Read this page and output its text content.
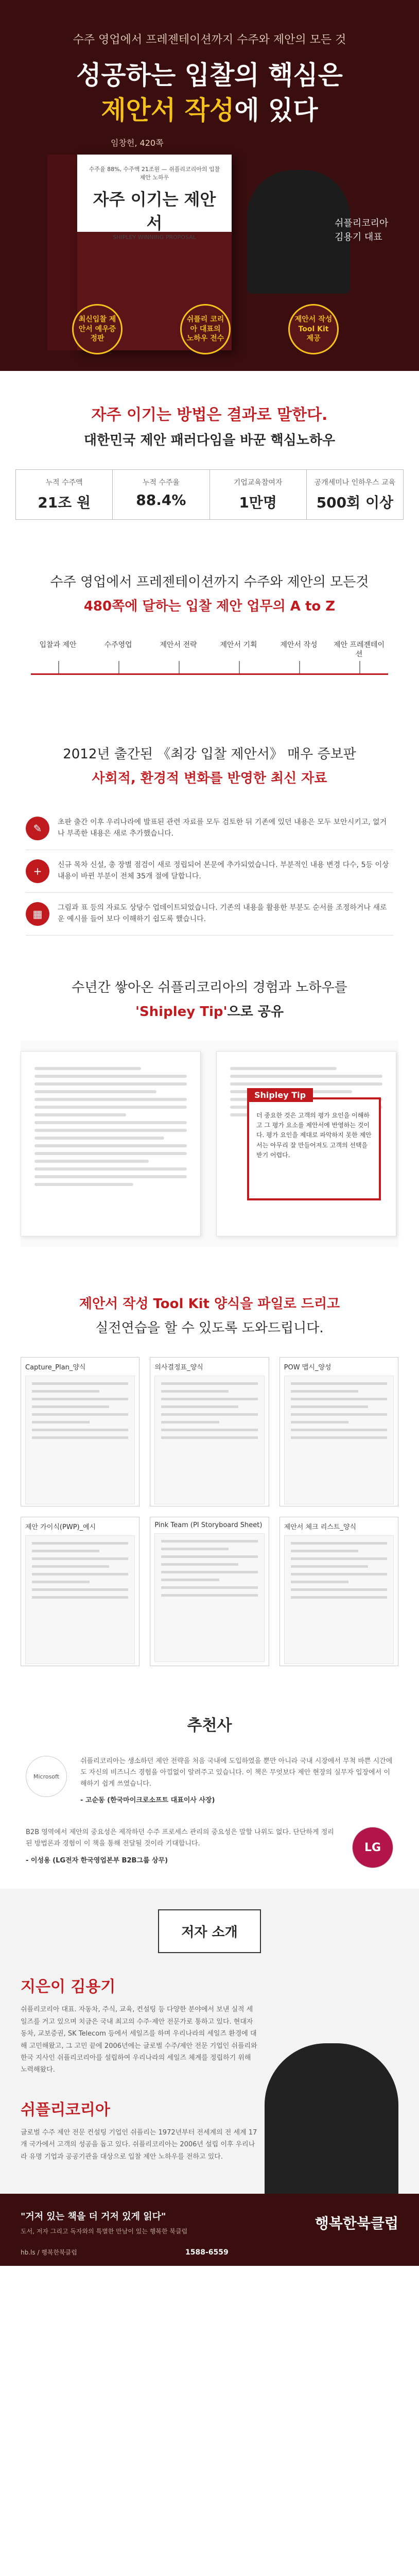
수주 영업에서 프레젠테이션까지 수주와 제안의 모든 것
성공하는 입찰의 핵심은
제안서 작성에 있다
임창헌, 420쪽
수주율 88%, 수주액 21조원 — 쉬플리코리아의 입찰 제안 노하우
자주 이기는 제안서
SHIPLEY WINNING PROPOSAL
쉬플리코리아
김용기 대표
최신입찰 제안서 예우증정판
쉬플리 코리아 대표의 노하우 전수
제안서 작성 Tool Kit 제공
자주 이기는 방법은 결과로 말한다.
대한민국 제안 패러다임을 바꾼 핵심노하우
누적 수주액
21조 원
누적 수주율
88.4%
기업교육참여자
1만명
공개세미나 인하우스 교육
500회 이상
수주 영업에서 프레젠테이션까지 수주와 제안의 모든것
480쪽에 달하는 입찰 제안 업무의 A to Z
입찰과 제안	수주영업	제안서 전략	제안서 기획	제안서 작성	제안 프레젠테이션
2012년 출간된 《최강 입찰 제안서》 매우 증보판
사회적, 환경적 변화를 반영한 최신 자료
✎	초판 출간 이후 우리나라에 발표된 관련 자료를 모두 검토한 뒤 기존에 있던 내용은 모두 보안시키고, 없거나 부족한 내용은 새로 추가했습니다.
+	신규 목차 신설, 총 장별 점검이 새로 정립되어 본문에 추가되었습니다. 부분적인 내용 변경 다수, 5등 이상 내용이 바뀐 부분이 전체 35개 절에 달합니다.
▦	그림과 표 등의 자료도 상당수 업데이트되었습니다. 기존의 내용을 활용한 부분도 순서를 조정하거나 새로운 예시를 들어 보다 이해하기 쉽도록 했습니다.
수년간 쌓아온 쉬플리코리아의 경험과 노하우를
'Shipley Tip'으로 공유
Shipley Tip
더 중요한 것은 고객의 평가 요인을 이해하고 그 평가 요소를 제안서에 반영하는 것이다. 평가 요인을 제대로 파악하지 못한 제안서는 아무리 잘 만들어져도 고객의 선택을 받기 어렵다.
제안서 작성 Tool Kit 양식을 파일로 드리고
실전연습을 할 수 있도록 도와드립니다.
Capture_Plan_양식	의사결정표_양식	POW 맵시_양성
제안 가이식(PWP)_예시	Pink Team (PI Storyboard Sheet)	제안서 체크 리스트_양식
추천사
Microsoft
쉬플리코리아는 생소하던 제안 전략을 처음 국내에 도입하였을 뿐만 아니라 국내 시장에서 무척 바쁜 시간에도 자신의 비즈니스 경험을 아낌없이 알려주고 있습니다. 이 책은 무엇보다 제안 현장의 실무자 입장에서 이해하기 쉽게 쓰였습니다.
- 고순동 (한국마이크로소프트 대표이사 사장)
B2B 영역에서 제안의 중요성은 제작하던 수주 프로세스 관리의 중요성은 말할 나위도 없다. 단단하게 정리된 방법론과 경험이 이 책을 통해 전달될 것이라 기대합니다.
- 이성용 (LG전자 한국영업본부 B2B그룹 상무)
LG
저자 소개
지은이 김용기
쉬플리코리아 대표. 자동차, 주식, 교육, 컨설팅 등 다양한 분야에서 보낸 실적 세일즈를 거고 있으며 치금은 국내 최고의 수주·제안 전문가로 통하고 있다. 현대자동차, 교보증권, SK Telecom 등에서 세일즈를 하며 우리나라의 세일즈 환경에 대해 고민해왔고, 그 고민 끝에 2006년에는 글로벌 수주/제안 전문 기업인 쉬플리와 한국 지사인 쉬플리코리아를 설립하여 우리나라의 세일즈 체계를 정립하기 위해 노력해왔다.
쉬플리코리아
글로벌 수주 제안 전문 컨설팅 기업인 쉬플리는 1972년부터 전세계의 전 세계 17개 국가에서 고객의 성공을 돕고 있다. 쉬플리코리아는 2006년 설립 이후 우리나라 유명 기업과 공공기관을 대상으로 입찰 제안 노하우를 전하고 있다.
"거저 있는 책을 더 거저 있게 읽다"
도서, 저자 그리고 독자와의 특별한 만남이 있는 행복한 북클럽
hb.ls / 행복한북클럽	1588-6559
행복한북클럽
